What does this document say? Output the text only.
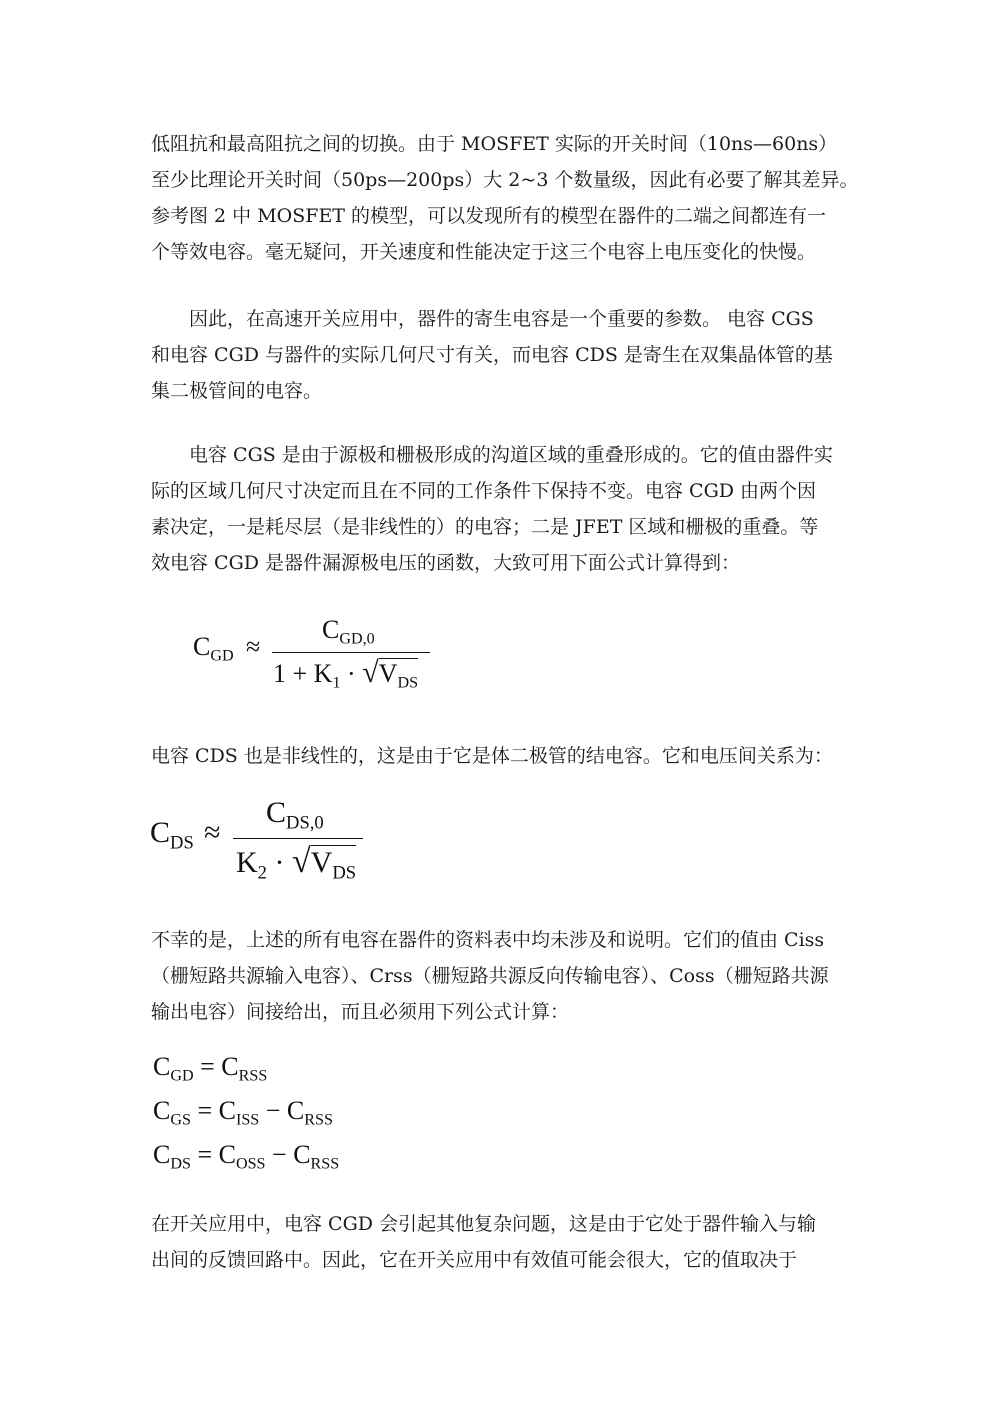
低阻抗和最高阻抗之间的切换。由于 MOSFET 实际的开关时间（10ns—60ns）
至少比理论开关时间（50ps—200ps）大 2~3 个数量级，因此有必要了解其差异。
参考图 2 中 MOSFET 的模型，可以发现所有的模型在器件的二端之间都连有一
个等效电容。毫无疑问，开关速度和性能决定于这三个电容上电压变化的快慢。

　　因此，在高速开关应用中，器件的寄生电容是一个重要的参数。 电容 CGS
和电容 CGD 与器件的实际几何尺寸有关，而电容 CDS 是寄生在双集晶体管的基
集二极管间的电容。

　　电容 CGS 是由于源极和栅极形成的沟道区域的重叠形成的。它的值由器件实
际的区域几何尺寸决定而且在不同的工作条件下保持不变。电容 CGD 由两个因
素决定，一是耗尽层（是非线性的）的电容；二是 JFET 区域和栅极的重叠。等
效电容 CGD 是器件漏源极电压的函数，大致可用下面公式计算得到：

$C_{GD}$ ≈
$C_{GD,0}$
$1 + K_1 \cdot √V_{DS}$

电容 CDS 也是非线性的，这是由于它是体二极管的结电容。它和电压间关系为：

$C_{DS}$ ≈
$C_{DS,0}$
$K_2 \cdot √V_{DS}$

不幸的是，上述的所有电容在器件的资料表中均未涉及和说明。它们的值由 Ciss
（栅短路共源输入电容）、Crss（栅短路共源反向传输电容）、Coss（栅短路共源
输出电容）间接给出，而且必须用下列公式计算：

$C_{GD} = C_{RSS}$
$C_{GS} = C_{ISS} - C_{RSS}$
$C_{DS} = C_{OSS} - C_{RSS}$

在开关应用中，电容 CGD 会引起其他复杂问题，这是由于它处于器件输入与输
出间的反馈回路中。因此，它在开关应用中有效值可能会很大，它的值取决于
